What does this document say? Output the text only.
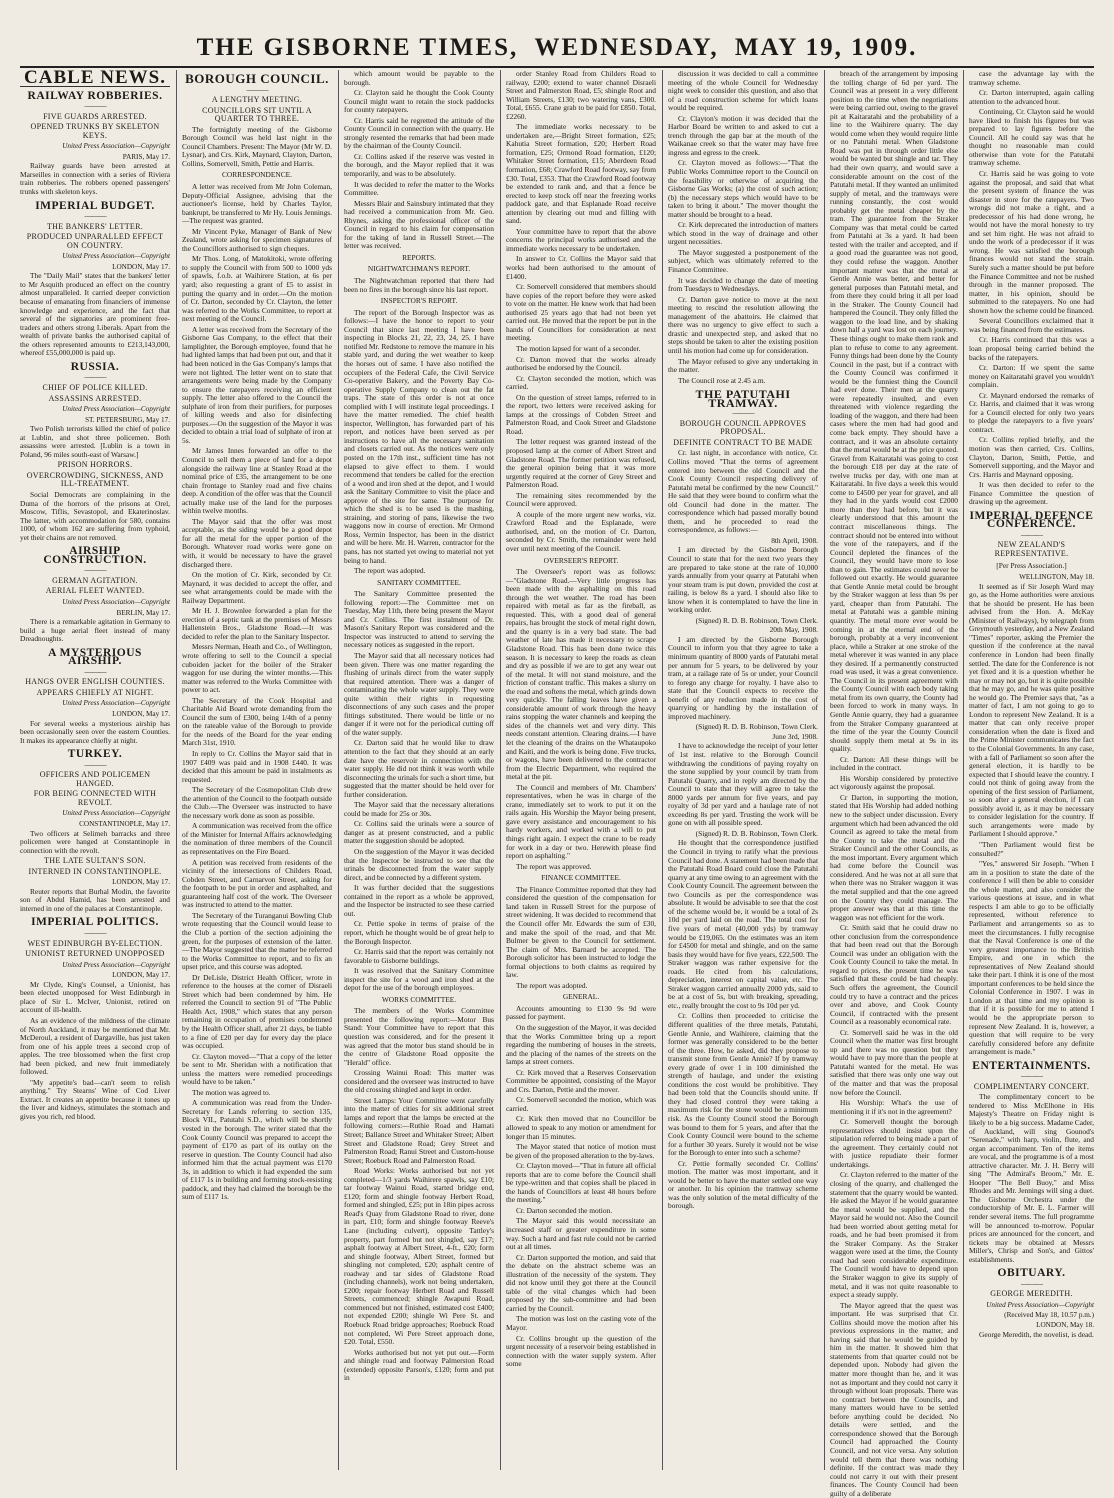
THE GISBORNE TIMES, WEDNESDAY, MAY 19, 1909.
CABLE NEWS.
RAILWAY ROBBERIES.
———
FIVE GUARDS ARRESTED.
OPENED TRUNKS BY SKELETON KEYS.
United Press Association—Copyright
PARIS, May 17.

Railway guards have been arrested at Marseilles in connection with a series of Riviera train robberies. The robbers opened passengers' trunks with skeleton keys.

IMPERIAL BUDGET.
———
THE BANKERS' LETTER.
PRODUCED UNPARALLED EFFECT ON COUNTRY.
United Press Association—Copyright
LONDON, May 17.

The "Daily Mail" states that the bankers' letter to Mr Asquith produced an effect on the country almost unparalleled. It carried deeper conviction because of emanating from financiers of immense knowledge and experience, and the fact that several of the signatories are prominent free-traders and others strong Liberals. Apart from the wealth of private banks the authorised capital of the others represented amounts to £213,143,000, whereof £55,000,000 is paid up.

RUSSIA.
———
CHIEF OF POLICE KILLED.
ASSASSINS ARRESTED.
United Press Association—Copyright
ST. PETERSBURG, May 17.

Two Polish terrorists killed the chief of police at Lublin, and shot three policemen. Both assassins were arrested. [Lublin is a town in Poland, 96 miles south-east of Warsaw.]

PRISON HORRORS.
OVERCROWDING, SICKNESS, AND ILL-TREATMENT.

Social Democrats are complaining in the Duma of the horrors of the prisons at Orel, Moscow, Tiflis, Sevastopol, and Ekaterinoslav. The latter, with accommodation for 580, contains 1000, of whom 162 are suffering from typhoid, yet their chains are not removed.

AIRSHIP CONSTRUCTION.
———
GERMAN AGITATION.
AERIAL FLEET WANTED.
United Press Association—Copyright
BERLIN, May 17.

There is a remarkable agitation in Germany to build a huge aerial fleet instead of many Dreadnoughts.

A MYSTERIOUS AIRSHIP.
———
HANGS OVER ENGLISH COUNTIES.
APPEARS CHIEFLY AT NIGHT.
United Press Association—Copyright
LONDON, May 17.

For several weeks a mysterious airship has been occasionally seen over the eastern Counties. It makes its appearance chiefly at night.

TURKEY.
———
OFFICERS AND POLICEMEN HANGED.
FOR BEING CONNECTED WITH REVOLT.
United Press Association—Copyright
CONSTANTINOPLE, May 17.

Two officers at Selimeh barracks and three policemen were hanged at Constantinople in connection with the revolt.

THE LATE SULTAN'S SON.
INTERNED IN CONSTANTINOPLE.
LONDON, May 17.

Reuter reports that Burhal Modin, the favorite son of Abdul Hamid, has been arrested and interned in one of the palaces at Constantinople.

IMPERIAL POLITICS.
———
WEST EDINBURGH BY-ELECTION.
UNIONIST RETURNED UNOPPOSED
United Press Association—Copyright
LONDON, May 17.

Mr Clyde, King's Counsel, a Unionist, has been elected unopposed for West Edinburgh in place of Sir L. McIver, Unionist, retired on account of ill-health.

As an evidence of the mildness of the climate of North Auckland, it may be mentioned that Mr. McDeroul, a resident of Dargaville, has just taken from one of his apple trees a second crop of apples. The tree blossomed when the first crop had been picked, and new fruit immediately followed.

"My appetite's bad—can't seem to relish anything." Try Stearns' Wine of Cod Liver Extract. It creates an appetite because it tones up the liver and kidneys, stimulates the stomach and gives you rich, red blood.

BOROUGH COUNCIL.
———
A LENGTHY MEETING.
COUNCILLORS SIT UNTIL A QUARTER TO THREE.

The fortnightly meeting of the Gisborne Borough Council was held last night in the Council Chambers. Present: The Mayor (Mr W. D. Lysnar), and Crs. Kirk, Maynard, Clayton, Darton, Collins, Somervell, Smith, Pettie and Harris.

CORRESPONDENCE.

A letter was received from Mr John Coleman, Deputy-Official Assignee, advising that the auctioneer's license, held by Charles Taylor, bankrupt, be transferred to Mr Hy. Louis Jennings.—The request was granted.

Mr Vincent Pyke, Manager of Bank of New Zealand, wrote asking for specimen signatures of the Councillors authorised to sign cheques.

Mr Thos. Long, of Matokitoki, wrote offering to supply the Council with from 500 to 1000 yds of spawls, f.o.b. at Waihirere Station, at 6s per yard; also requesting a grant of £5 to assist in putting the quarry and in order.—On the motion of Cr. Darton, seconded by Cr. Clayton, the letter was referred to the Works Committee, to report at next meeting of the Council.

A letter was received from the Secretary of the Gisborne Gas Company, to the effect that their lamplighter, the Borough employee, found that he had lighted lamps that had been put out, and that it had been noticed in the Gas Company's lamps that were not lighted. The letter went on to state that arrangements were being made by the Company to ensure the ratepayers receiving an efficient supply. The letter also offered to the Council the sulphate of iron from their purifiers, for purposes of killing weeds and also for disinfecting purposes.—On the suggestion of the Mayor it was decided to obtain a trial load of sulphate of iron at 5s.

Mr James Innes forwarded an offer to the Council to sell them a piece of land for a depot alongside the railway line at Stanley Road at the nominal price of £35, the arrangement to be one chain frontage to Stanley road and five chains deep. A condition of the offer was that the Council actually make use of the land for the purposes within twelve months.

The Mayor said that the offer was most acceptable, as the siding would be a good depot for all the metal for the upper portion of the Borough. Whatever road works were gone on with, it would be necessary to have the gravel discharged there.

On the motion of Cr. Kirk, seconded by Cr. Maynard, it was decided to accept the offer, and see what arrangements could be made with the Railway Department.

Mr H. J. Brownlee forwarded a plan for the erection of a septic tank at the premises of Messrs Hallenstein Bros., Gladstone Road.—It was decided to refer the plan to the Sanitary Inspector.

Messrs Nerman, Heath and Co., of Wellington, wrote offering to sell to the Council a special cuboiden jacket for the boiler of the Straker waggon for use during the winter months.—This matter was referred to the Works Committee with power to act.

The Secretary of the Cook Hospital and Charitable Aid Board wrote demanding from the Council the sum of £300, being 1/4th of a penny on the rateable value of the Borough to provide for the needs of the Board for the year ending March 31st, 1910.

In reply to Cr. Collins the Mayor said that in 1907 £409 was paid and in 1908 £440. It was decided that this amount be paid in instalments as requested.

The Secretary of the Cosmopolitan Club drew the attention of the Council to the footpath outside the Club.—The Overseer was instructed to have the necessary work done as soon as possible.

A communication was received from the office of the Minister for Internal Affairs acknowledging the nomination of three members of the Council as representatives on the Fire Board.

A petition was received from residents of the vicinity of the intersections of Childers Road, Cobden Street, and Carnarvon Street, asking for the footpath to be put in order and asphalted, and guaranteeing half cost of the work. The Overseer was instructed to attend to the matter.

The Secretary of the Turanganui Bowling Club wrote requesting that the Council would lease to the Club a portion of the section adjoining the green, for the purposes of extension of the latter.—The Mayor suggested that the matter be referred to the Works Committee to report, and to fix an upset price, and this course was adopted.

Dr DeLisle, District Health Officer, wrote in reference to the houses at the corner of Disraeli Street which had been condemned by him. He referred the Council to section 91 of "The Public Health Act, 1908," which states that any person remaining in occupation of premises condemned by the Health Officer shall, after 21 days, be liable to a fine of £20 per day for every day the place was occupied.

Cr. Clayton moved—"That a copy of the letter be sent to Mr. Sheridan with a notification that unless the matters were remedied proceedings would have to be taken."

The motion was agreed to.

A communication was read from the Under-Secretary for Lands referring to section 135, Block VII., Patutahi S.D., which will be shortly vested in the borough. The writer stated that the Cook County Council was prepared to accept the payment of £170 as part of its outlay on the reserve in question. The County Council had also informed him that the actual payment was £170 3s, in addition to which it had expended the sum of £117 1s in building and forming stock-resisting paddock, and they had claimed the borough be the sum of £117 1s.

which amount would be payable to the borough.

Cr. Clayton said he thought the Cook County Council might want to retain the stock paddocks for county ratepayers.

Cr. Harris said he regretted the attitude of the County Council in connection with the quarry. He strongly resented the remarks that had been made by the chairman of the County Council.

Cr. Collins asked if the reserve was vested in the borough, and the Mayor replied that it was temporarily, and was to be absolutely.

It was decided to refer the matter to the Works Committee.

Messrs Blair and Sainsbury intimated that they had received a communication from Mr. Geo. Rhynes, asking the professional officer of the Council in regard to his claim for compensation for the taking of land in Russell Street.—The letter was received.

REPORTS.
NIGHTWATCHMAN'S REPORT.

The Nightwatchman reported that there had been no fires in the borough since his last report.

INSPECTOR'S REPORT.

The report of the Borough Inspector was as follows:—I have the honor to report to your Council that since last meeting I have been inspecting in Blocks 21, 22, 23, 24, 25. I have notified Mr. Redstone to remove the manure in his stable yard, and during the wet weather to keep the horses out of same. I have also notified the occupiers of the Federal Cafe, the Civil Service Co-operative Bakery, and the Poverty Bay Co-operative Supply Company to clean out the fat traps. The state of this order is not at once complied with I will institute legal proceedings. I have the matter remedied. The chief health inspector, Wellington, has forwarded part of his report, and notices have been served as per instructions to have all the necessary sanitation and closets carried out. As the notices were only posted on the 17th inst., sufficient time has not elapsed to give effect to them. I would recommend that tenders be called for the erection of a wood and iron shed at the depot, and I would ask the Sanitary Committee to visit the place and approve of the site for same. The purpose for which the shed is to be used is the mashing, straining, and storing of pans, likewise the two waggons now in course of erection. Mr Ormond Ross, Vermin Inspector, has been in the district and will be here. Mr. H. Warren, contractor for the pans, has not started yet owing to material not yet being to hand.

The report was adopted.

SANITARY COMMITTEE.

The Sanitary Committee presented the following report:—The Committee met on Tuesday, May 11th, there being present the Mayor and Cr. Collins. The first instalment of Dr. Mason's Sanitary Report was considered and the Inspector was instructed to attend to serving the necessary notices as suggested in the report.

The Mayor said that all necessary notices had been given. There was one matter regarding the flushing of urinals direct from the water supply that required attention. There was a danger of contaminating the whole water supply. They were quite within their rights in requesting disconnections of any such cases and the proper fittings substituted. There would be little or no danger if it were not for the periodical cutting off of the water supply.

Cr. Darton said that he would like to draw attention to the fact that they should at an early date have the reservoir in connection with the water supply. He did not think it was worth while disconnecting the urinals for such a short time, but suggested that the matter should be held over for further consideration.

The Mayor said that the necessary alterations could be made for 25s or 30s.

Cr. Collins said the urinals were a source of danger as at present constructed, and a public matter the suggestion should be adopted.

On the suggestion of the Mayor it was decided that the Inspector be instructed to see that the urinals be disconnected from the water supply direct, and be connected by a different system.

It was further decided that the suggestions contained in the report as a whole be approved, and the Inspector be instructed to see these carried out.

Cr. Pettie spoke in terms of praise of the report, which he thought would be of great help to the Borough Inspector.

Cr. Harris said that the report was certainly not favorable to Gisborne buildings.

It was resolved that the Sanitary Committee inspect the site for a wood and iron shed at the depot for the use of the borough employees.

WORKS COMMITTEE.

The members of the Works Committee presented the following report:—Motor Bus Stand: Your Committee have to report that this question was considered, and for the present it was agreed that the motor bus stand should be in the centre of Gladstone Road opposite the "Herald" office.

Crossing Wainui Road: This matter was considered and the overseer was instructed to have the old crossing shingled and kept in order.

Street Lamps: Your Committee went carefully into the matter of cities for six additional street lamps and report that the lamps be erected at the following corners:—Ruthie Road and Hamati Street; Ballance Street and Whitaker Street; Albert Street and Gladstone Road; Grey Street and Palmerston Road; Ranui Street and Custom-house Street; Roebuck Road and Palmerston Road.

Road Works: Works authorised but not yet completed—1/3 yards Waihirere spawls, say £10; tar footway Wainui Road, started bridge end, £120; form and shingle footway Herbert Road, formed and shingled, £25; put in 18in pipes across Read's Quay from Gladstone Road to river, done in part, £10; form and shingle footway Reeve's Lane (including culvert), opposite Tattley's property, part formed but not shingled, say £17; asphalt footway at Albert Street, 4-ft., £20; form and shingle footway, Albert Street, formed but shingling not completed, £20; asphalt centre of roadway and tar sides of Gladstone Road (including channels), work not being undertaken, £200; repair footway Herbert Road and Russell Streets, commenced; shingle Awapuni Road, commenced but not finished, estimated cost £400; not expended £200; shingle Wi Pere St. and Roebuck Road bridge approaches; Roebuck Road not completed, Wi Pere Street approach done, £20. Total, £550.

Works authorised but not yet put out.—Form and shingle road and footway Palmerston Road (extended) opposite Parson's, £120; form and put in

order Stanley Road from Childers Road to railway, £200; extend to water channel Disraeli Street and Palmerston Road, £5; shingle Root and William Streets, £130; two watering vans, £300. Total, £655. Crane grab to be paid for £850. Total, £2260.

The immediate works necessary to be undertaken are,—Bright Street formation, £25; Kahutia Street formation, £20; Herbert Road formation, £25; Ormond Road formation, £120; Whitaker Street formation, £15; Aberdeen Road formation, £68; Crawford Road footway, say from £30. Total, £353. That the Crawford Road footway be extended to rank and, and that a fence be erected to keep stock off near the freezing works paddock gate, and that Esplanade Road receive attention by clearing out mud and filling with sand.

Your committee have to report that the above concerns the principal works authorised and the immediate works necessary to be undertaken.

In answer to Cr. Collins the Mayor said that works had been authorised to the amount of £1400.

Cr. Somervell considered that members should have copies of the report before they were asked to vote on the matter. He knew work that had been authorised 25 years ago that had not been yet carried out. He moved that the report be put in the hands of Councillors for consideration at next meeting.

The motion lapsed for want of a seconder.

Cr. Darton moved that the works already authorised be endorsed by the Council.

Cr. Clayton seconded the motion, which was carried.

On the question of street lamps, referred to in the report, two letters were received asking for lamps at the crossings of Cobden Street and Palmerston Road, and Cook Street and Gladstone Road.

The letter request was granted instead of the proposed lamp at the corner of Albert Street and Gladstone Road. The former petition was refused, the general opinion being that it was more urgently required at the corner of Grey Street and Palmerston Road.

The remaining sites recommended by the Council were approved.

A couple of the more urgent new works, viz. Crawford Road and the Esplanade, were authorised, and, on the motion of Cr. Darton, seconded by Cr. Smith, the remainder were held over until next meeting of the Council.

OVERSEER'S REPORT.

The Overseer's report was as follows:—"Gladstone Road.—Very little progress has been made with the asphalting on this road through the wet weather. The road has been repaired with metal as far as the fireball, as requested. This, with a good deal of general repairs, has brought the stock of metal right down, and the quarry is in a very bad state. The bad weather of late has made it necessary to scrape Gladstone Road. This has been done twice this season. It is necessary to keep the roads as clean and dry as possible if we are to get any wear out of the metal. It will not stand moisture, and the friction of constant traffic. This makes a slurry on the road and softens the metal, which grinds down very quickly. The falling leaves have given a considerable amount of work through the heavy rains stopping the water channels and keeping the sides of the channels wet and very dirty. This needs constant attention. Clearing drains.—I have let the cleaning of the drains on the Whataupoko and Kaiti, and the work is being done. Five trucks, or wagons, have been delivered to the contractor from the Electric Department, who required the metal at the pit.

The Council and members of Mr. Chambers' representatives, when he was in charge of the crane, immediately set to work to put it on the rails again. His Worship the Mayor being present, gave every assistance and encouragement to his hardy workers, and worked with a will to put things right again. I expect the crane to be ready for work in a day or two. Herewith please find report on asphalting."

The report was approved.

FINANCE COMMITTEE.

The Finance Committee reported that they had considered the question of the compensation for land taken in Russell Street for the purpose of street widening. It was decided to recommend that the Council offer Mr. Edwards the sum of £30, and make the spoil of the road, and that Mr. Bulmer be given to the Council for settlement. The claim of Mrs. Barnard be accepted. The Borough solicitor has been instructed to lodge the formal objections to both claims as required by law.

The report was adopted.

GENERAL.

Accounts amounting to £130 9s 9d were passed for payment.

On the suggestion of the Mayor, it was decided that the Works Committee bring up a report regarding the numbering of houses in the streets, and the placing of the names of the streets on the lamps at street corners.

Cr. Kirk moved that a Reserves Conservation Committee be appointed, consisting of the Mayor and Crs. Darton, Pettie and the mover.

Cr. Somervell seconded the motion, which was carried.

Cr. Kirk then moved that no Councillor be allowed to speak to any motion or amendment for longer than 15 minutes.

The Mayor stated that notice of motion must be given of the proposed alteration to the by-laws.

Cr. Clayton moved—"That in future all official reports that are to come before the Council shall be type-written and that copies shall be placed in the hands of Councillors at least 48 hours before the meeting."

Cr. Darton seconded the motion.

The Mayor said this would necessitate an increased staff or greater expenditure in some way. Such a hard and fast rule could not be carried out at all times.

Cr. Darton supported the motion, and said that the debate on the abstract scheme was an illustration of the necessity of the system. They did not know until they got there at the Council table of the vital changes which had been proposed by the sub-committee and had been carried by the Council.

The motion was lost on the casting vote of the Mayor.

Cr. Collins brought up the question of the urgent necessity of a reservoir being established in connection with the water supply system. After some

discussion it was decided to call a committee meeting of the whole Council for Wednesday night week to consider this question, and also that of a road construction scheme for which loans would be required.

Cr. Clayton's motion it was decided that the Harbor Board be written to and asked to cut a trench through the gap bar at the mouth of the Waikanae creek so that the water may have free ingress and egress to the creek.

Cr. Clayton moved as follows:—"That the Public Works Committee report to the Council on the feasibility or otherwise of acquiring the Gisborne Gas Works; (a) the cost of such action; (b) the necessary steps which would have to be taken to bring it about." The mover thought the matter should be brought to a head.

Cr. Kirk deprecated the introduction of matters which stood in the way of drainage and other urgent necessities.

The Mayor suggested a postponement of the subject, which was ultimately referred to the Finance Committee.

It was decided to change the date of meeting from Tuesdays to Wednesdays.

Cr. Darton gave notice to move at the next meeting to rescind the resolution allowing the management of the abattoirs. He claimed that there was no urgency to give effect to such a drastic and unexpected step, and asked that no steps should be taken to alter the existing position until his motion had come up for consideration.

The Mayor refused to give any undertaking in the matter.

The Council rose at 2.45 a.m.

THE PATUTAHI TRAMWAY.
———
BOROUGH COUNCIL APPROVES PROPOSAL.
DEFINITE CONTRACT TO BE MADE

Cr. last night, in accordance with notice, Cr. Collins moved "That the terms of agreement entered into between the old Council and the Cook County Council respecting delivery of Patutahi metal be confirmed by the new Council." He said that they were bound to confirm what the old Council had done in the matter. The correspondence which had passed morally bound them, and he proceeded to read the correspondence, as follows:—

8th April, 1908.

I am directed by the Gisborne Borough Council to state that for the next two years they are prepared to take stone at the rate of 10,000 yards annually from your quarry at Patutahi when your steam tram is put down, provided the cost at railing, is below 8s a yard. I should also like to know when it is contemplated to have the line in working order.

(Signed) R. D. B. Robinson, Town Clerk.
20th May, 1908.

I am directed by the Gisborne Borough Council to inform you that they agree to take a minimum quantity of 8000 yards of Patutahi metal per annum for 5 years, to be delivered by your tram, at a railage rate of 5s or under, your Council to forego any charge for royalty. I have also to state that the Council expects to receive the benefit of any reduction made in the cost of quarrying or handling by the installation of improved machinery.

(Signed) R. D. B. Robinson, Town Clerk.
June 3rd, 1908.

I have to acknowledge the receipt of your letter of 1st inst. relative to the Borough Council withdrawing the conditions of paying royalty on the stone supplied by your council by tram from Patutahi Quarry, and in reply am directed by the Council to state that they will agree to take the 8000 yards per annum for five years, and pay royalty of 3d per yard and a haulage rate of not exceeding 8s per yard. Trusting the work will be gone on with all possible speed.

(Signed) R. D. B. Robinson, Town Clerk.

He thought that the correspondence justified the Council in trying to ratify what the previous Council had done. A statement had been made that the Patutahi Road Board could close the Patutahi quarry at any time owing to an agreement with the Cook County Council. The agreement between the two Councils as per the correspondence was absolute. It would be advisable to see that the cost of the scheme would be, it would be a total of 2s 10d per yard laid on the road. The total cost for five years of metal (40,000 yds) by tramway would be £19,065. On the estimates was an item for £4500 for metal and shingle, and on the same basis they would have for five years, £22,500. The Straker waggon was rather expensive for the roads. He cited from his calculations, depreciation, interest on capital value, etc. The Straker waggon carried annually 2000 yds, said to be at a cost of 5s, but with breaking, spreading, etc., really brought the cost to 9s 10d per yd.

Cr. Collins then proceeded to criticise the different qualities of the three metals, Patutahi, Gentle Annie, and Waihirere, claiming that the former was generally considered to be the better of the three. How, he asked, did they propose to transmit stone from Gentle Annie? If by tramway every grade of over 1 in 100 diminished the strength of haulage, and under the existing conditions the cost would be prohibitive. They had been told that the Councils should unite. If they had closed control they were taking a maximum risk for the stone would be a minimum risk. As the County Council stood the Borough was bound to them for 5 years, and after that the Cook County Council were bound to the scheme for a further 30 years. Surely it would not be wise for the Borough to enter into such a scheme?

Cr. Pettie formally seconded Cr. Collins' motion. The matter was most important, and it would be better to have the matter settled one way or another. In his opinion the tramway scheme was the only solution of the metal difficulty of the borough.

breach of the arrangement by imposing the tolling charge of 6d per yard. The Council was at present in a very different position to the time when the negotiations were being carried out, owing to the gravel pit at Kaitaratahi and the probability of a line to the Waihirere quarry. The day would come when they would require little or no Patutahi metal. When Gladstone Road was put in through order little else would be wanted but shingle and tar. They had their own quarry, and would save a considerable amount on the cost of the Patutahi metal. If they wanted an unlimited supply of metal, and the tramways were running constantly, the cost would probably get the metal cheaper by the tram. The guarantee from the Straker Company was that metal could be carted from Patutahi at 3s a yard. It had been tested with the trailer and accepted, and if a good road the guarantee was not good, they could refuse the waggon. Another important matter was that the metal at Gentle Annie was better, and better for general purposes than Patutahi metal, and from there they could bring it all per load in the Straker. The County Council had hampered the Council. They only filled the waggon to the load line, and by shaking down half a yard was lost on each journey. These things ought to make them rank and plan to refuse to come to any agreement. Funny things had been done by the County Council in the past, but if a contract with the County Council was confirmed it would be the funniest thing the Council had ever done. Their men at the quarry were repeatedly insulted, and even threatened with violence regarding the loading of the waggon, and there had been cases where the men had had good and come back empty. They should have a contract, and it was an absolute certainty that the metal would be at the price quoted. Gravel from Kaitaratahi was going to cost the borough £18 per day at the rate of twelve trucks per day, with one man at Kaitaratahi. In five days a week this would come to £4500 per year for gravel, and all they had in the yards would cost £2000 more than they had before, but it was clearly understood that this amount the contract miscellaneous things. The contract should not be entered into without the vote of the ratepayers, and if the Council depleted the finances of the Council, they would have more to lose than to gain. The estimates could never be followed out exactly. He would guarantee that Gentle Annie metal could be brought by the Straker waggon at less than 9s per yard, cheaper than from Patutahi. The metal at Patutahi was a gamble mining quantity. The metal more ever would be coming in at the eternal end of the borough, probably at a very inconvenient place, while a Straker at one stroke of the metal wherever it was wanted in any place they desired. If a permanently constructed road was used, it was a great convenience. The Council in its present agreement with the County Council with each body taking metal from its own quarry, the County had been forced to work in many ways. In Gentle Annie quarry, they had a guarantee from the Straker Company guaranteed at the time of the year the County Council should supply them metal at 9s in its quality.

Cr. Darton: All these things will be included in the contract.

His Worship considered by protective act vigorously against the proposal.

Cr Darton, in supporting the motion, stated that His Worship had added nothing new to the subject under discussion. Every argument which had been advanced the old Council as agreed to take the metal from the County to take the metal and the Straker Council and the other Councils, as the most important. Every argument which had come before the Council was considered. And he was not at all sure that when there was no Straker waggon it was the metal supplied and that the one agreed on the County they could manage. The proper answer was that at this time the waggon was not efficient for the work.

Cr. Smith said that he could draw no other conclusion from the correspondence that had been read out that the Borough Council was under an obligation with the Cook County Council to take the metal. In regard to prices, the present time he was satisfied that these could be had cheaply. Such offers the agreement, the Council could try to have a contract and the prices over and above, and Cook County Council, if contracted with the present Council as a reasonably economical rate.

Cr. Somervell said he was in the old Council when the matter was first brought up and there was no question but they would have to pay more than the people at Patutahi wanted for the metal. He was satisfied that there was only one way out of the matter and that was the proposal now before the Council.

His Worship: What's the use of mentioning it if it's not in the agreement?

Cr. Somervell thought the borough representatives should insist upon the stipulation referred to being made a part of the agreement. They certainly could not with justice repudiate their former undertakings.

Cr. Clayton referred to the matter of the closing of the quarry, and challenged the statement that the quarry would be wanted. He asked the Mayor if he would guarantee the metal would be supplied, and the Mayor said he would not. Also the Council had been worried about getting metal for roads, and he had been promised it from the Straker Company. As the Straker waggon were used at the time, the County road had seen considerable expenditure. The Council would have to depend upon the Straker waggon to give its supply of metal, and it was not quite reasonable to expect a steady supply.

The Mayor agreed that the quest was important. He was surprised that Cr. Collins should move the motion after his previous expressions in the matter, and having said that he would be guided by him in the matter. It showed him that statements from that quarter could not be depended upon. Nobody had given the matter more thought than he, and it was not as important and they could not carry it through without loan proposals. There was no contract between the Councils, and many matters would have to be settled before anything could be decided. No details were settled, and the correspondence showed that the Borough Council had approached the County Council, and not vice versa. Any solution would tell them that there was nothing definite. If the contract was made they could not carry it out with their present finances. The County Council had been guilty of a deliberate

case the advantage lay with the tramway scheme.

Cr. Darton interrupted, again calling attention to the advanced hour.

Continuing, Cr. Clayton said he would have liked to finish his figures but was prepared to lay figures before the Council. All he could say was that he thought no reasonable man could otherwise than vote for the Patutahi tramway scheme.

Cr. Harris said he was going to vote against the proposal, and said that what the present system of finance the was disaster in store for the ratepayers. Two wrongs did not make a right, and a predecessor of his had done wrong, he would not have the moral honesty to try and set him right. He was not afraid to undo the work of a predecessor if it was wrong. He was satisfied the borough finances would not stand the strain. Surely such a matter should be put before the Finance Committee and not be rushed through in the manner proposed. The matter, in his opinion, should be submitted to the ratepayers. No one had shown how the scheme could be financed.

Several Councillors exclaimed that it was being financed from the estimates.

Cr. Harris continued that this was a loan proposal being carried behind the backs of the ratepayers.

Cr. Darton: If we spent the same money on Kaitaratahi gravel you wouldn't complain.

Cr. Maynard endorsed the remarks of Cr. Harris, and claimed that it was wrong for a Council elected for only two years to pledge the ratepayers to a five years' contract.

Cr. Collins replied briefly, and the motion was then carried, Crs. Collins, Clayton, Darton, Smith, Pettie, and Somervell supporting, and the Mayor and Crs. Harris and Maynard opposing.

It was then decided to refer to the Finance Committee the question of drawing up the agreement.

IMPERIAL DEFENCE CONFERENCE.
———
NEW ZEALAND'S REPRESENTATIVE.
[Per Press Association.]
WELLINGTON, May 18.

It seemed as if Sir Joseph Ward may go, as the Home authorities were anxious that he should be present. He has been advised from the Hon. A. McKay (Minister of Railways), by telegraph from Greymouth yesterday, and a New Zealand "Times" reporter, asking the Premier the question if the conference at the naval conference in London had been finally settled. The date for the Conference is not yet fixed and it is a question whether he may or may not go, but it is quite possible that he may go, and he was quite positive he would go. The Premier says that, "as a matter of fact, I am not going to go to London to represent New Zealand. It is a matter that can only receive proper consideration when the date is fixed and the Prime Minister communicates the fact to the Colonial Governments. In any case, with a fall of Parliament so soon after the general election, it is hardly to be expected that I should leave the country. I could not think of going away from the opening of the first session of Parliament, so soon after a general election, if I can possibly avoid it, as it may be necessary to consider legislation for the country. If such arrangements were made by Parliament I should approve."

"Then Parliament would first be consulted?"

"Yes," answered Sir Joseph. "When I am in a position to state the date of the conference I will then be able to consider the whole matter, and also consider the various questions at issue, and in what respects I am able to go to be officially represented, without reference to Parliament and arrangements so as to meet the circumstances. I fully recognise that the Naval Conference is one of the very greatest importance to the British Empire, and one in which the representatives of New Zealand should take their part. I think it is one of the most important conferences to be held since the Colonial Conference in 1907. I was in London at that time and my opinion is that if it is possible for me to attend I would be the appropriate person to represent New Zealand. It is, however, a question that will require to be very carefully considered before any definite arrangement is made."

ENTERTAINMENTS.
———
COMPLIMENTARY CONCERT.

The complimentary concert to be tendered to Miss McElhone in His Majesty's Theatre on Friday night is likely to be a big success. Madame Cader, of Auckland, will sing Gounod's "Serenade," with harp, violin, flute, and organ accompaniment. Ten of the items are vocal, and the programme is of a most attractive character. Mr. J. H. Berry will sing "The Admiral's Broom," Mr. E. Hooper "The Bell Buoy," and Miss Rhodes and Mr. Jennings will sing a duet. The Gisborne Orchestra under the conductorship of Mr. E. L. Farmer will render several items. The full programme will be announced to-morrow. Popular prices are announced for the concert, and tickets may be obtained at Messrs Miller's, Chrisp and Son's, and Gittos' establishments.

OBITUARY.
———
GEORGE MEREDITH.
United Press Association—Copyright
(Received May 18, 10.57 p.m.)
LONDON, May 18.

George Meredith, the novelist, is dead.
